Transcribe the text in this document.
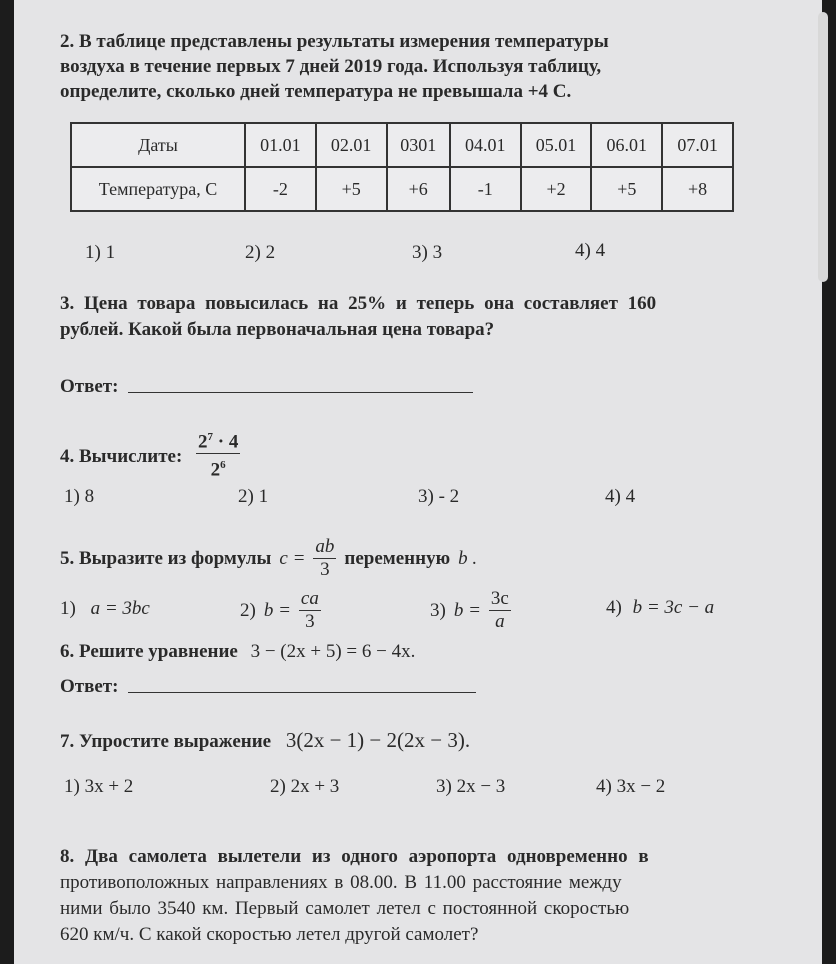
2. В таблице представлены результаты измерения температуры
воздуха в течение первых 7 дней 2019 года. Используя таблицу,
определите, сколько дней температура не превышала +4 С.
Даты	01.01	02.01	0301	04.01	05.01	06.01	07.01
Температура, С	-2	+5	+6	-1	+2	+5	+8
1) 1	2) 2	3) 3	4) 4
3. Цена товара повысилась на 25% и теперь она составляет 160
рублей. Какой была первоначальная цена товара?
Ответ:
4. Вычислите: $\frac{2^7 \cdot 4}{2^6}$
1) 8	2) 1	3) - 2	4) 4
5. Выразите из формулы $c = \frac{ab}{3}$ переменную b .
1) a = 3bc	2) $b = \frac{ca}{3}$	3) $b = \frac{3c}{a}$	4) b = 3c − a
6. Решите уравнение 3 − (2x + 5) = 6 − 4x.
Ответ:
7. Упростите выражение 3(2x − 1) − 2(2x − 3).
1) 3x + 2	2) 2x + 3	3) 2x − 3	4) 3x − 2
8. Два самолета вылетели из одного аэропорта одновременно в
противоположных направлениях в 08.00. В 11.00 расстояние между
ними было 3540 км. Первый самолет летел с постоянной скоростью
620 км/ч. С какой скоростью летел другой самолет?
